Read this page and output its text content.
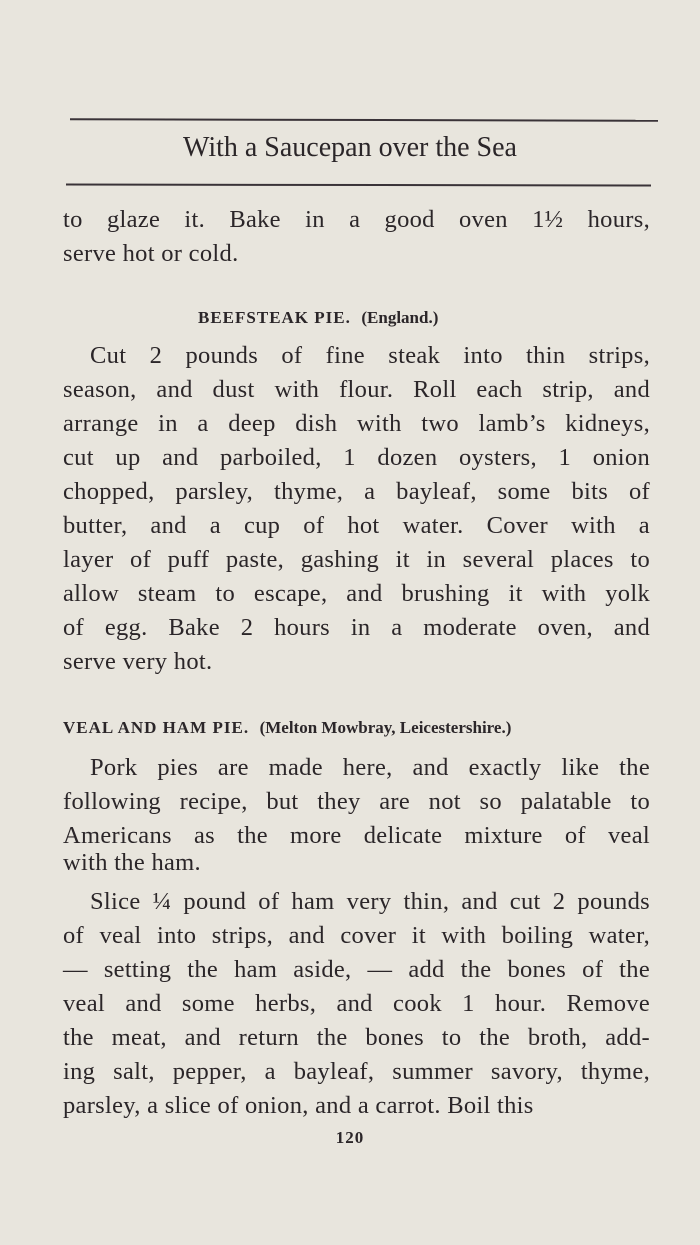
With a Saucepan over the Sea
to glaze it. Bake in a good oven 1½ hours,
serve hot or cold.
BEEFSTEAK PIE. (England.)
Cut 2 pounds of fine steak into thin strips,
season, and dust with flour. Roll each strip, and
arrange in a deep dish with two lamb’s kidneys,
cut up and parboiled, 1 dozen oysters, 1 onion
chopped, parsley, thyme, a bayleaf, some bits of
butter, and a cup of hot water. Cover with a
layer of puff paste, gashing it in several places to
allow steam to escape, and brushing it with yolk
of egg. Bake 2 hours in a moderate oven, and
serve very hot.
VEAL AND HAM PIE. (Melton Mowbray, Leicestershire.)
Pork pies are made here, and exactly like the
following recipe, but they are not so palatable to
Americans as the more delicate mixture of veal
with the ham.
Slice ¼ pound of ham very thin, and cut 2 pounds
of veal into strips, and cover it with boiling water,
— setting the ham aside, — add the bones of the
veal and some herbs, and cook 1 hour. Remove
the meat, and return the bones to the broth, add-
ing salt, pepper, a bayleaf, summer savory, thyme,
parsley, a slice of onion, and a carrot. Boil this
120
